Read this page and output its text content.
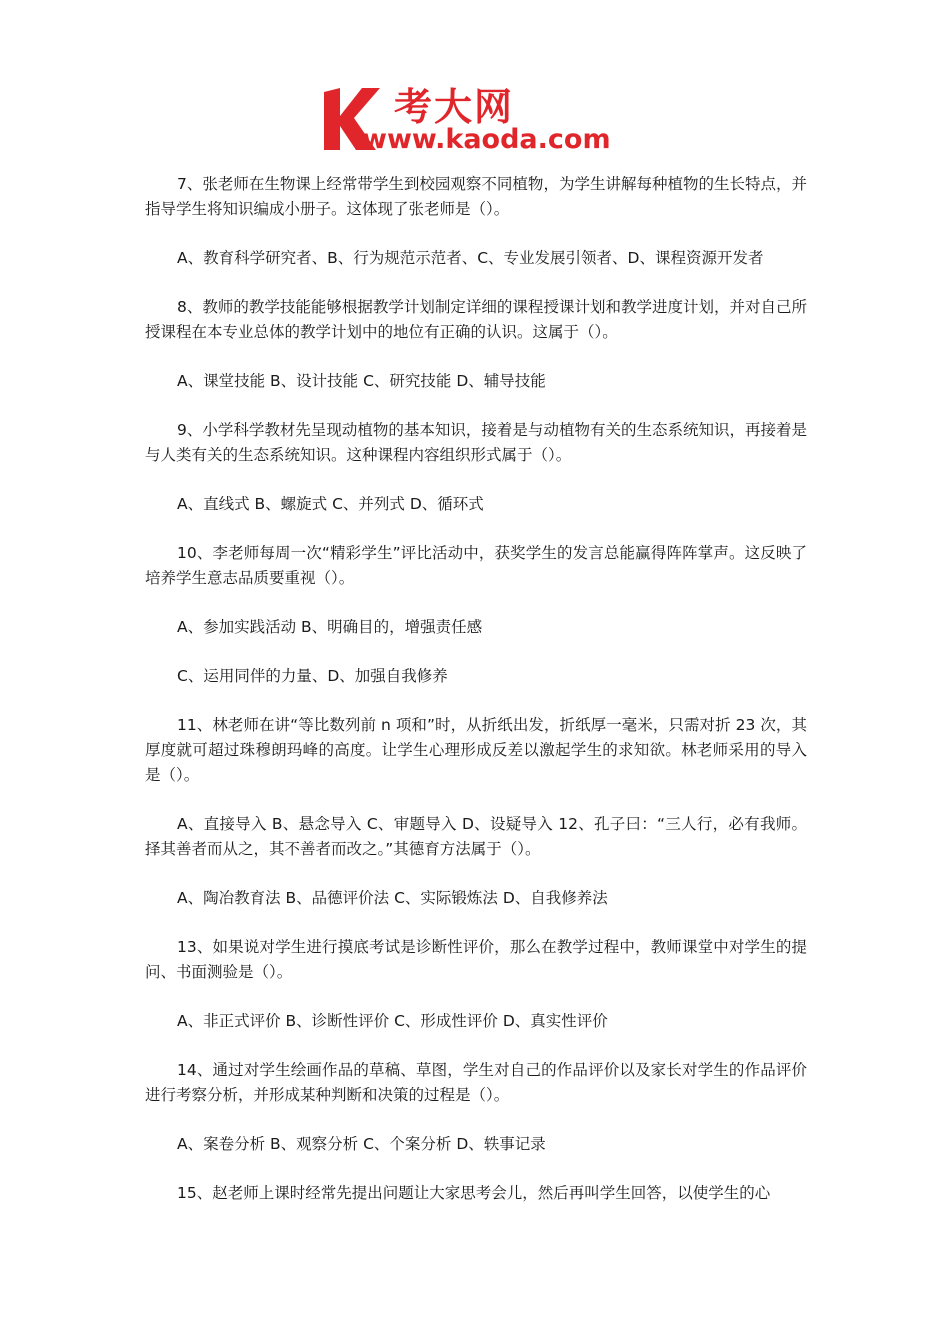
考大网
www.kaoda.com

7、张老师在生物课上经常带学生到校园观察不同植物，为学生讲解每种植物的生长特点，并指导学生将知识编成小册子。这体现了张老师是（）。

A、教育科学研究者、B、行为规范示范者、C、专业发展引领者、D、课程资源开发者

8、教师的教学技能能够根据教学计划制定详细的课程授课计划和教学进度计划，并对自己所授课程在本专业总体的教学计划中的地位有正确的认识。这属于（）。

A、课堂技能 B、设计技能 C、研究技能 D、辅导技能

9、小学科学教材先呈现动植物的基本知识，接着是与动植物有关的生态系统知识，再接着是与人类有关的生态系统知识。这种课程内容组织形式属于（）。

A、直线式 B、螺旋式 C、并列式 D、循环式

10、李老师每周一次“精彩学生”评比活动中，获奖学生的发言总能赢得阵阵掌声。这反映了培养学生意志品质要重视（）。

A、参加实践活动 B、明确目的，增强责任感

C、运用同伴的力量、D、加强自我修养

11、林老师在讲“等比数列前 n 项和”时，从折纸出发，折纸厚一毫米，只需对折 23 次，其厚度就可超过珠穆朗玛峰的高度。让学生心理形成反差以激起学生的求知欲。林老师采用的导入是（）。

A、直接导入 B、悬念导入 C、审题导入 D、设疑导入 12、孔子曰：“三人行，必有我师。择其善者而从之，其不善者而改之。”其德育方法属于（）。

A、陶冶教育法 B、品德评价法 C、实际锻炼法 D、自我修养法

13、如果说对学生进行摸底考试是诊断性评价，那么在教学过程中，教师课堂中对学生的提问、书面测验是（）。

A、非正式评价 B、诊断性评价 C、形成性评价 D、真实性评价

14、通过对学生绘画作品的草稿、草图，学生对自己的作品评价以及家长对学生的作品评价进行考察分析，并形成某种判断和决策的过程是（）。

A、案卷分析 B、观察分析 C、个案分析 D、轶事记录

15、赵老师上课时经常先提出问题让大家思考会儿，然后再叫学生回答，以使学生的心
